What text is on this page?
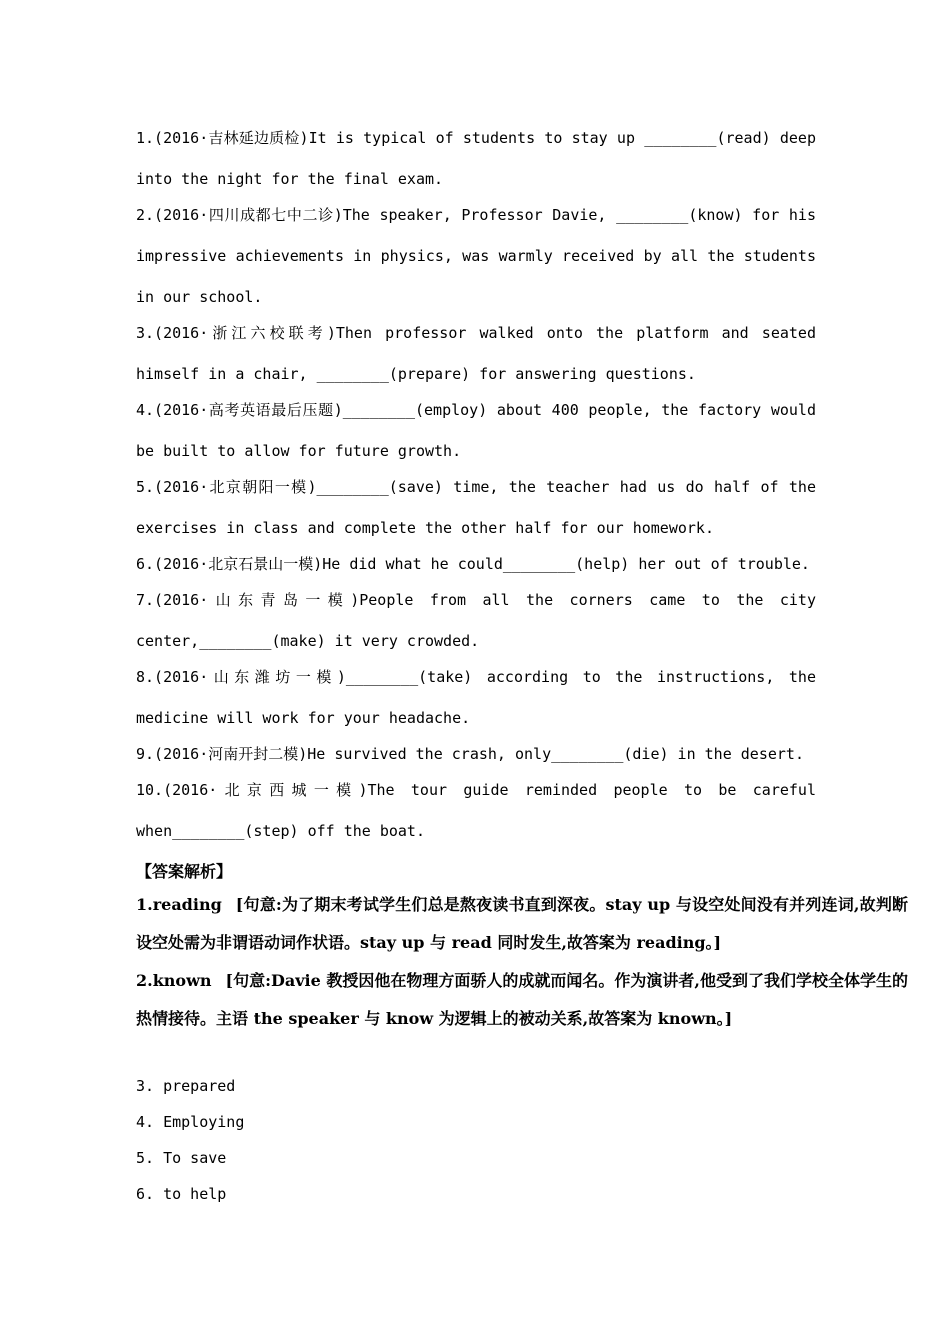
1.(2016·吉林延边质检)It is typical of students to stay up ________(read) deep into the night for the final exam.

2.(2016·四川成都七中二诊)The speaker, Professor Davie, ________(know) for his impressive achievements in physics, was warmly received by all the students in our school.

3.(2016·浙江六校联考)Then professor walked onto the platform and seated himself in a chair, ________(prepare) for answering questions.

4.(2016·高考英语最后压题)________(employ) about 400 people, the factory would be built to allow for future growth.

5.(2016·北京朝阳一模)________(save) time, the teacher had us do half of the exercises in class and complete the other half for our homework.

6.(2016·北京石景山一模)He did what he could________(help) her out of trouble.

7.(2016·山东青岛一模)People from all the corners came to the city center,________(make) it very crowded.

8.(2016·山东潍坊一模)________(take) according to the instructions, the medicine will work for your headache.

9.(2016·河南开封二模)He survived the crash, only________(die) in the desert.

10.(2016·北京西城一模)The tour guide reminded people to be careful when________(step) off the boat.

【答案解析】

1.reading [句意:为了期末考试学生们总是熬夜读书直到深夜。stay up 与设空处间没有并列连词,故判断设空处需为非谓语动词作状语。stay up 与 read 同时发生,故答案为 reading。]

2.known [句意:Davie 教授因他在物理方面骄人的成就而闻名。作为演讲者,他受到了我们学校全体学生的热情接待。主语 the speaker 与 know 为逻辑上的被动关系,故答案为 known。]

3. prepared

4. Employing

5. To save

6. to help
